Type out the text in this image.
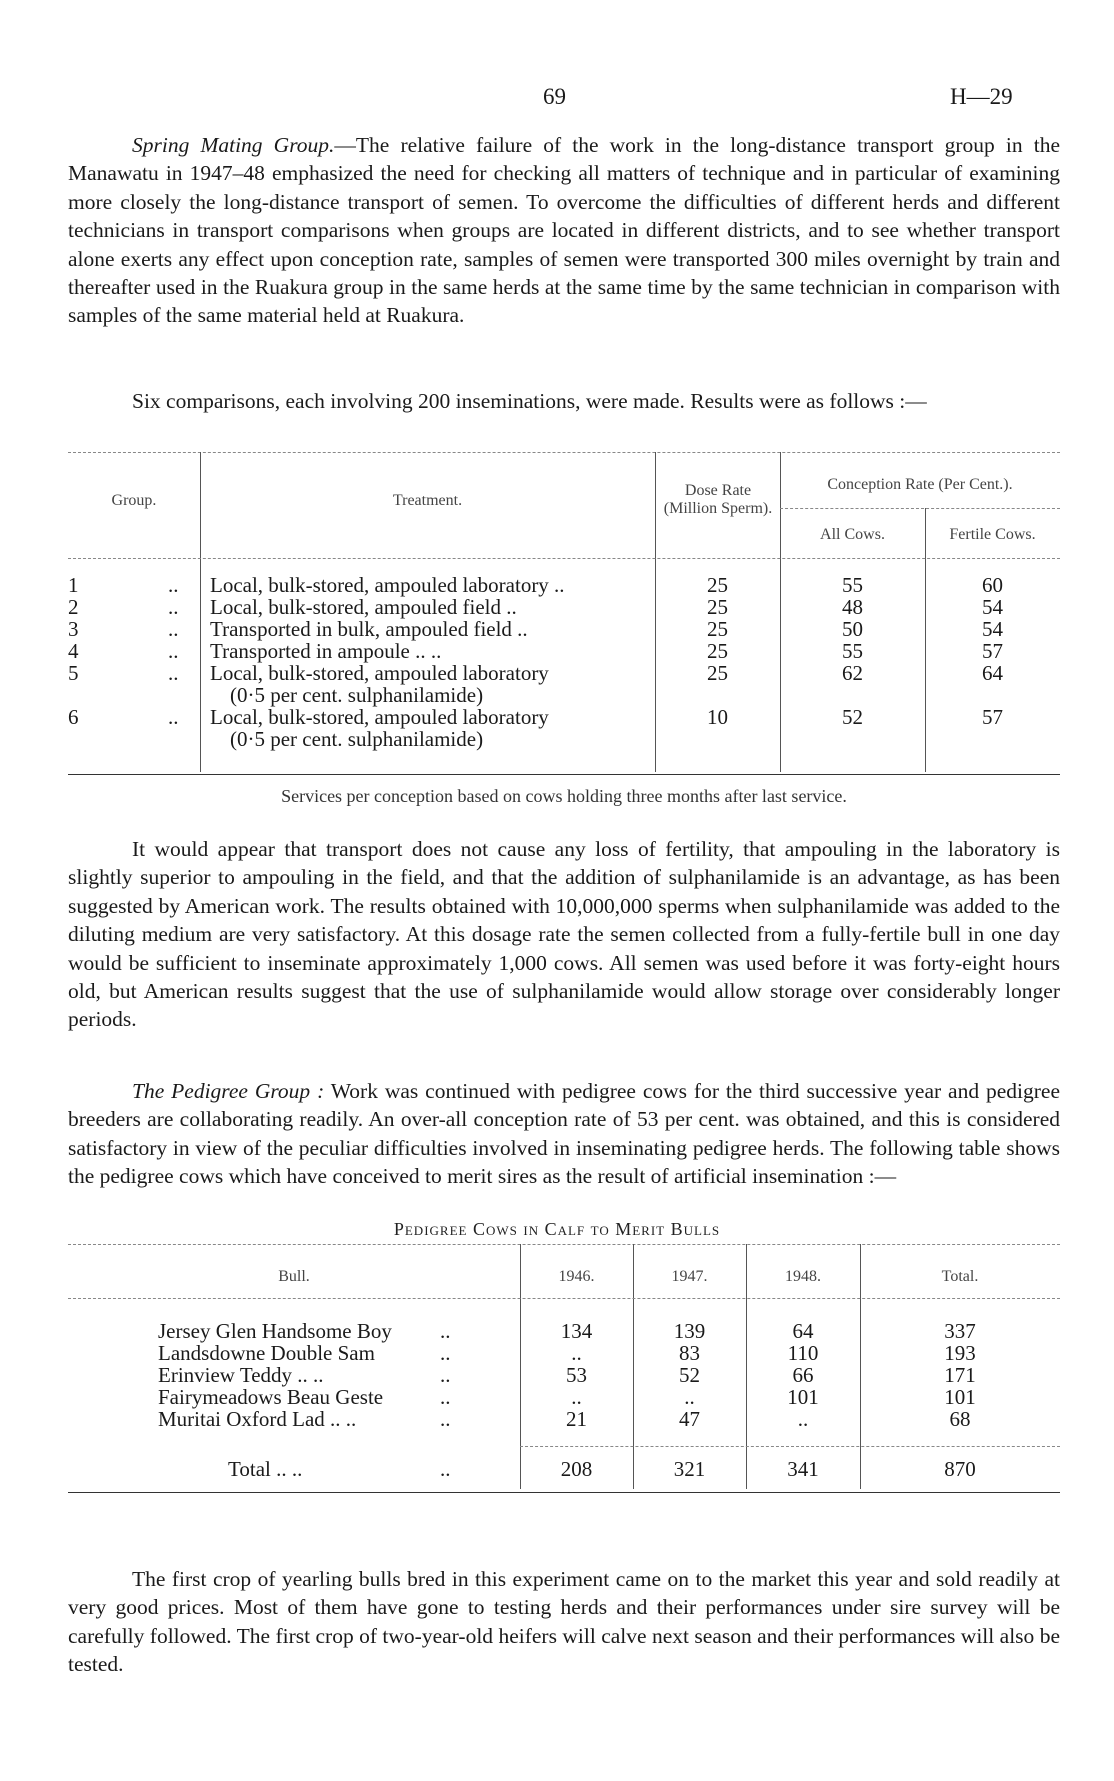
69	H—29

Spring Mating Group.—The relative failure of the work in the long-distance transport group in the Manawatu in 1947–48 emphasized the need for checking all matters of technique and in particular of examining more closely the long-distance transport of semen. To overcome the difficulties of different herds and different technicians in transport comparisons when groups are located in different districts, and to see whether transport alone exerts any effect upon conception rate, samples of semen were transported 300 miles overnight by train and thereafter used in the Ruakura group in the same herds at the same time by the same technician in comparison with samples of the same material held at Ruakura.

Six comparisons, each involving 200 inseminations, were made. Results were as follows :—

Group.	Treatment.
Dose Rate (Million Sperm).
Conception Rate (Per Cent.).
All Cows.	Fertile Cows.
1	.. Local, bulk-stored, ampouled laboratory ..	25	55	60
2	.. Local, bulk-stored, ampouled field ..	25	48	54
3	.. Transported in bulk, ampouled field ..	25	50	54
4	.. Transported in ampoule .. ..	25	55	57
5	.. Local, bulk-stored, ampouled laboratory	25	62	64
(0·5 per cent. sulphanilamide)
6	.. Local, bulk-stored, ampouled laboratory	10	52	57
(0·5 per cent. sulphanilamide)
Services per conception based on cows holding three months after last service.

It would appear that transport does not cause any loss of fertility, that ampouling in the laboratory is slightly superior to ampouling in the field, and that the addition of sulphanilamide is an advantage, as has been suggested by American work. The results obtained with 10,000,000 sperms when sulphanilamide was added to the diluting medium are very satisfactory. At this dosage rate the semen collected from a fully-fertile bull in one day would be sufficient to inseminate approximately 1,000 cows. All semen was used before it was forty-eight hours old, but American results suggest that the use of sulphanilamide would allow storage over considerably longer periods.

The Pedigree Group : Work was continued with pedigree cows for the third successive year and pedigree breeders are collaborating readily. An over-all conception rate of 53 per cent. was obtained, and this is considered satisfactory in view of the peculiar difficulties involved in inseminating pedigree herds. The following table shows the pedigree cows which have conceived to merit sires as the result of artificial insemination :—

Pedigree Cows in Calf to Merit Bulls
Bull.	1946.	1947.	1948.	Total.
Jersey Glen Handsome Boy ..	134	139	64	337
Landsdowne Double Sam	..	..	83	110	193
Erinview Teddy .. ..	..	53	52	66	171
Fairymeadows Beau Geste	..	..	..	101	101
Muritai Oxford Lad .. ..	..	21	47	..	68
Total .. ..	..	208	321	341	870

The first crop of yearling bulls bred in this experiment came on to the market this year and sold readily at very good prices. Most of them have gone to testing herds and their performances under sire survey will be carefully followed. The first crop of two-year-old heifers will calve next season and their performances will also be tested.
